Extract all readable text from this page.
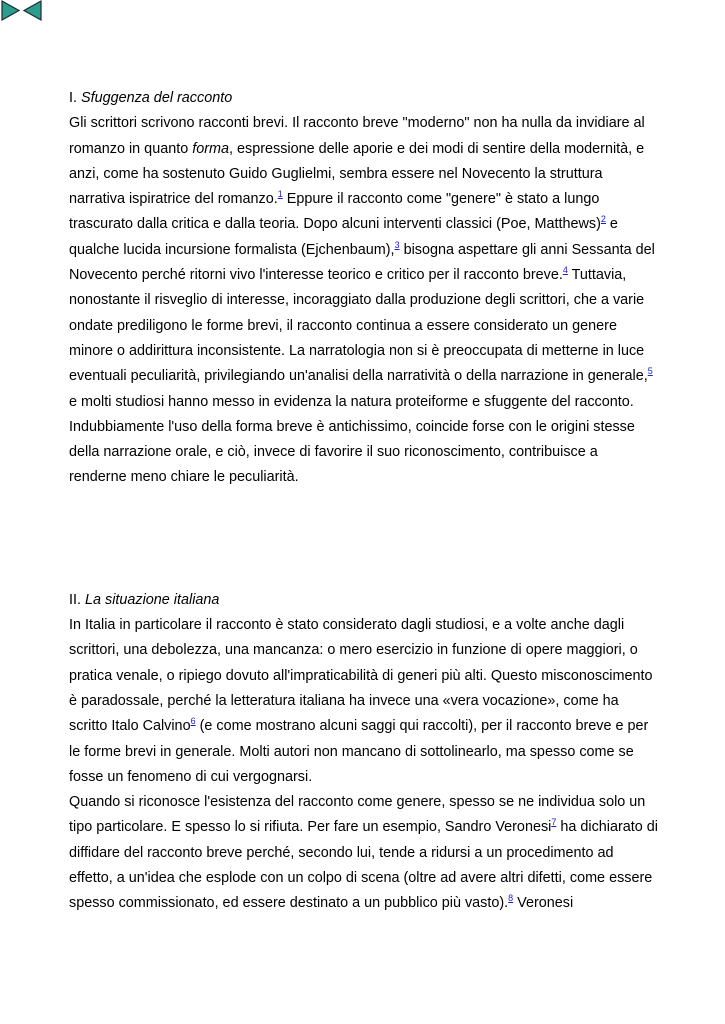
I. Sfuggenza del racconto

Gli scrittori scrivono racconti brevi. Il racconto breve "moderno" non ha nulla da invidiare al romanzo in quanto forma, espressione delle aporie e dei modi di sentire della modernità, e anzi, come ha sostenuto Guido Guglielmi, sembra essere nel Novecento la struttura narrativa ispiratrice del romanzo.$^1$ Eppure il racconto come "genere" è stato a lungo trascurato dalla critica e dalla teoria. Dopo alcuni interventi classici (Poe, Matthews)$^2$ e qualche lucida incursione formalista (Ejchenbaum),$^3$ bisogna aspettare gli anni Sessanta del Novecento perché ritorni vivo l'interesse teorico e critico per il racconto breve.$^4$ Tuttavia, nonostante il risveglio di interesse, incoraggiato dalla produzione degli scrittori, che a varie ondate prediligono le forme brevi, il racconto continua a essere considerato un genere minore o addirittura inconsistente. La narratologia non si è preoccupata di metterne in luce eventuali peculiarità, privilegiando un'analisi della narratività o della narrazione in generale,$^5$ e molti studiosi hanno messo in evidenza la natura proteiforme e sfuggente del racconto. Indubbiamente l'uso della forma breve è antichissimo, coincide forse con le origini stesse della narrazione orale, e ciò, invece di favorire il suo riconoscimento, contribuisce a renderne meno chiare le peculiarità.

II. La situazione italiana

In Italia in particolare il racconto è stato considerato dagli studiosi, e a volte anche dagli scrittori, una debolezza, una mancanza: o mero esercizio in funzione di opere maggiori, o pratica venale, o ripiego dovuto all'impraticabilità di generi più alti. Questo misconoscimento è paradossale, perché la letteratura italiana ha invece una «vera vocazione», come ha scritto Italo Calvino$^6$ (e come mostrano alcuni saggi qui raccolti), per il racconto breve e per le forme brevi in generale. Molti autori non mancano di sottolinearlo, ma spesso come se fosse un fenomeno di cui vergognarsi.

Quando si riconosce l'esistenza del racconto come genere, spesso se ne individua solo un tipo particolare. E spesso lo si rifiuta. Per fare un esempio, Sandro Veronesi$^7$ ha dichiarato di diffidare del racconto breve perché, secondo lui, tende a ridursi a un procedimento ad effetto, a un'idea che esplode con un colpo di scena (oltre ad avere altri difetti, come essere spesso commissionato, ed essere destinato a un pubblico più vasto).$^8$ Veronesi
